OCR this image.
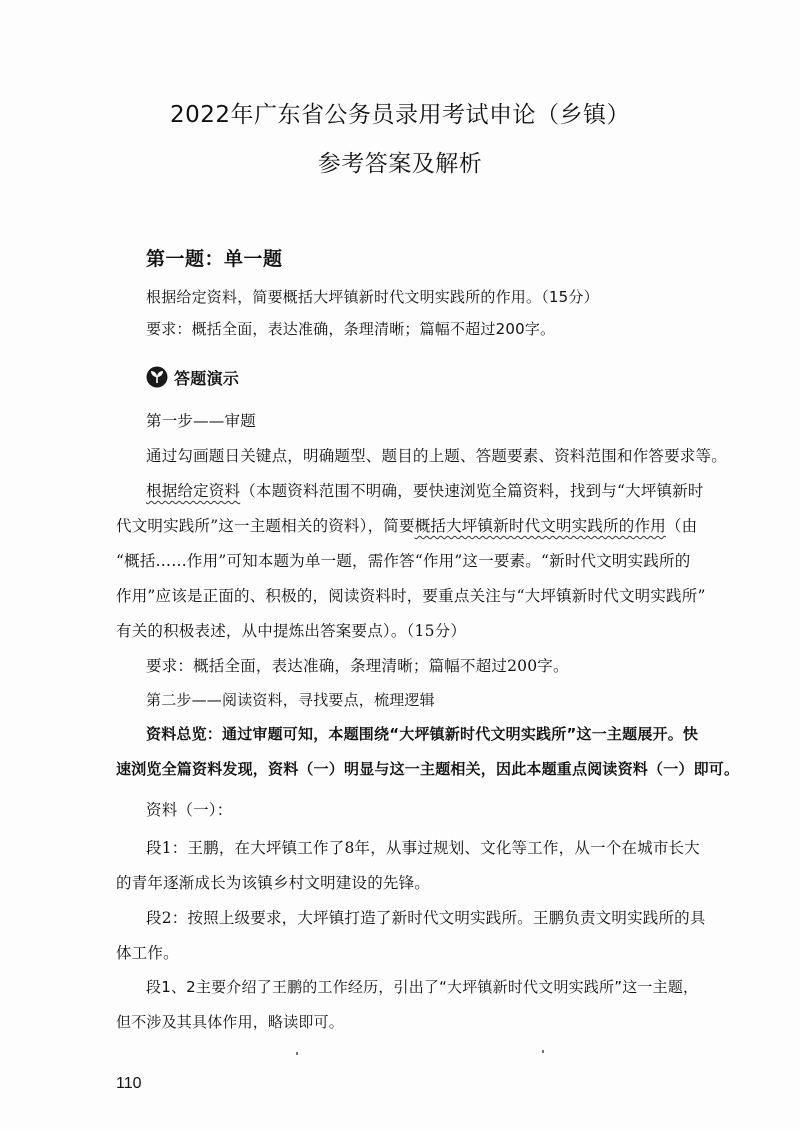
2022年广东省公务员录用考试申论（乡镇）
参考答案及解析
第一题：单一题
根据给定资料，简要概括大坪镇新时代文明实践所的作用。（15分）
要求：概括全面，表达准确，条理清晰；篇幅不超过200字。
答题演示
第一步——审题
通过勾画题日关键点，明确题型、题目的上题、答题要素、资料范围和作答要求等。
根据给定资料（本题资料范围不明确，要快速浏览全篇资料，找到与“大坪镇新时
代文明实践所”这一主题相关的资料），简要概括大坪镇新时代文明实践所的作用（由
“概括……作用”可知本题为单一题，需作答“作用”这一要素。“新时代文明实践所的
作用”应该是正面的、积极的，阅读资料时，要重点关注与“大坪镇新时代文明实践所”
有关的积极表述，从中提炼出答案要点）。（15分）
要求：概括全面，表达准确，条理清晰；篇幅不超过200字。
第二步——阅读资料，寻找要点，梳理逻辑
资料总览：通过审题可知，本题围绕“大坪镇新时代文明实践所”这一主题展开。快
速浏览全篇资料发现，资料（一）明显与这一主题相关，因此本题重点阅读资料（一）即可。
资料（一）：
段1：王鹏，在大坪镇工作了8年，从事过规划、文化等工作，从一个在城市长大
的青年逐渐成长为该镇乡村文明建设的先锋。
段2：按照上级要求，大坪镇打造了新时代文明实践所。王鹏负责文明实践所的具
体工作。
段1、2主要介绍了王鹏的工作经历，引出了“大坪镇新时代文明实践所”这一主题，
但不涉及其具体作用，略读即可。
110
